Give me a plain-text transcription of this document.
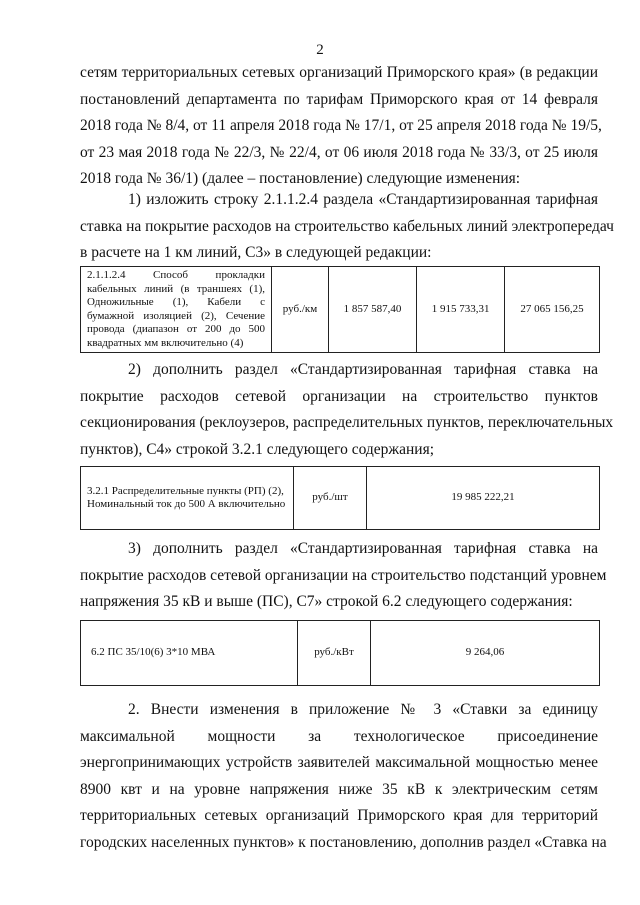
2
сетям территориальных сетевых организаций Приморского края» (в редакции
постановлений департамента по тарифам Приморского края от 14 февраля
2018 года № 8/4, от 11 апреля 2018 года № 17/1, от 25 апреля 2018 года № 19/5,
от 23 мая 2018 года № 22/3, № 22/4, от 06 июля 2018 года № 33/3, от 25 июля
2018 года № 36/1) (далее – постановление) следующие изменения:
1) изложить строку 2.1.1.2.4 раздела «Стандартизированная тарифная
ставка на покрытие расходов на строительство кабельных линий электропередач
в расчете на 1 км линий, С3» в следующей редакции:
2.1.1.2.4 Способ прокладки кабельных линий (в траншеях (1), Одножильные (1), Кабели с бумажной изоляцией (2), Сечение провода (диапазон от 200 до 500 квадратных мм включительно (4)	руб./км	1 857 587,40	1 915 733,31	27 065 156,25
2) дополнить раздел «Стандартизированная тарифная ставка на
покрытие расходов сетевой организации на строительство пунктов
секционирования (реклоузеров, распределительных пунктов, переключательных
пунктов), С4» строкой 3.2.1 следующего содержания;
3.2.1 Распределительные пункты (РП) (2), Номинальный ток до 500 А включительно	руб./шт	19 985 222,21
3) дополнить раздел «Стандартизированная тарифная ставка на
покрытие расходов сетевой организации на строительство подстанций уровнем
напряжения 35 кВ и выше (ПС), С7» строкой 6.2 следующего содержания:
6.2 ПС 35/10(6) 3*10 МВА	руб./кВт	9 264,06
2. Внести изменения в приложение № 3 «Ставки за единицу
максимальной мощности за технологическое присоединение
энергопринимающих устройств заявителей максимальной мощностью менее
8900 квт и на уровне напряжения ниже 35 кВ к электрическим сетям
территориальных сетевых организаций Приморского края для территорий
городских населенных пунктов» к постановлению, дополнив раздел «Ставка на
